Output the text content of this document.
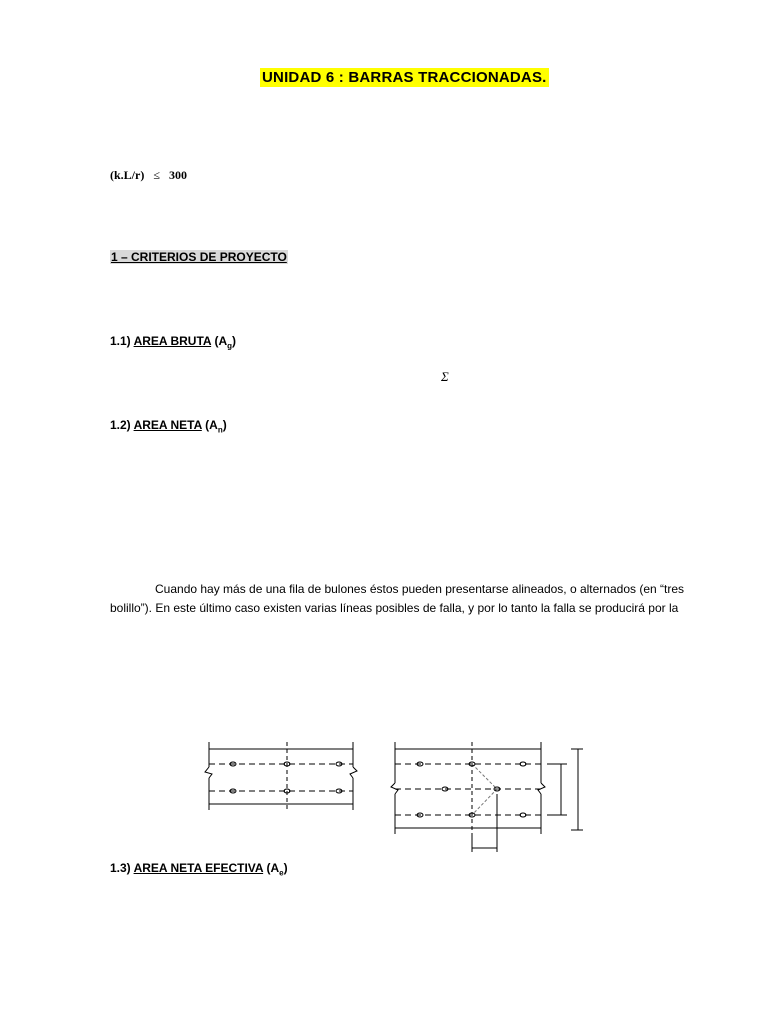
UNIDAD 6 : BARRAS TRACCIONADAS.
(k.L/r) ≤ 300
1 – CRITERIOS DE PROYECTO
1.1) AREA BRUTA $(A_g)$
Σ
1.2) AREA NETA $(A_n)$
Cuando hay más de una fila de bulones éstos pueden presentarse alineados, o alternados (en “tres
bolillo”). En este último caso existen varias líneas posibles de falla, y por lo tanto la falla se producirá por la
1.3) AREA NETA EFECTIVA $(A_e)$
